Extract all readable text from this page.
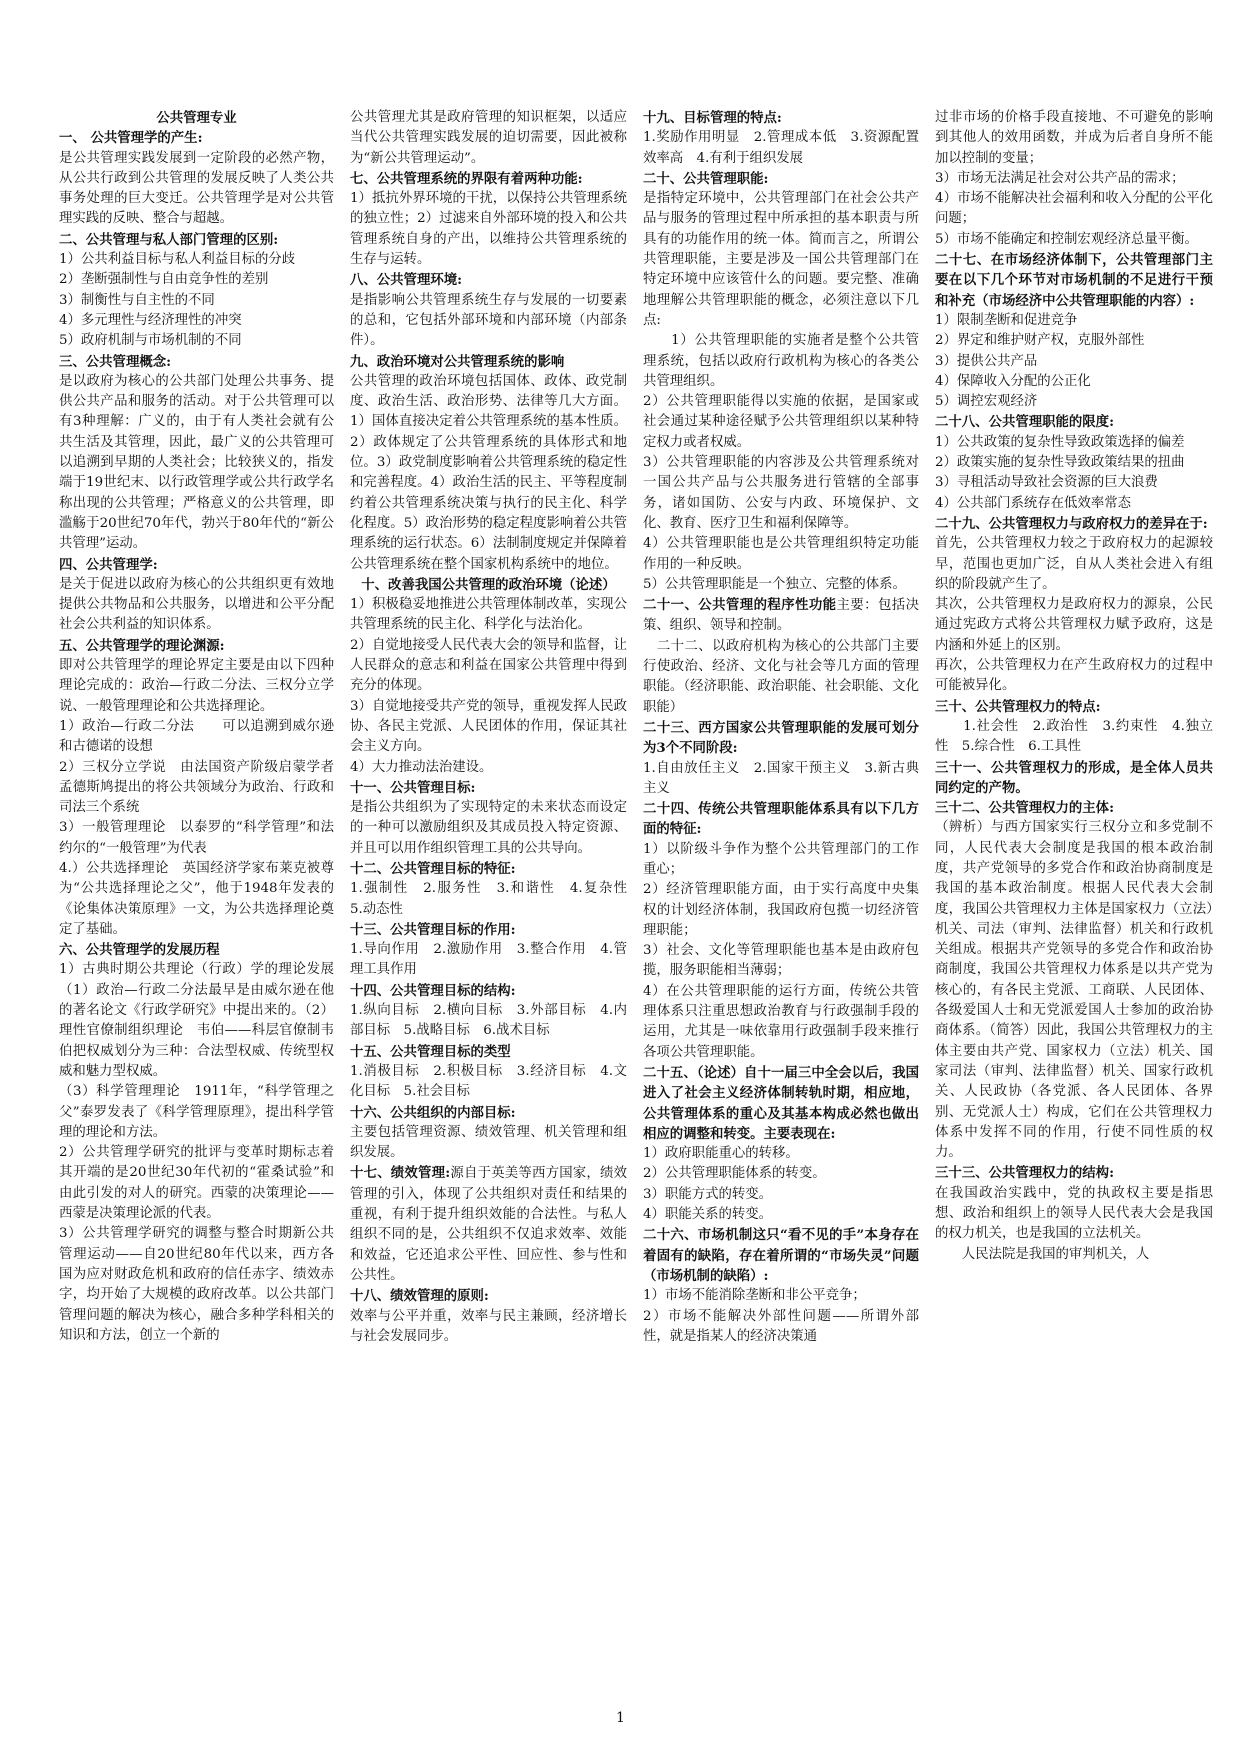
公共管理专业

一、 公共管理学的产生:

是公共管理实践发展到一定阶段的必然产物，从公共行政到公共管理的发展反映了人类公共事务处理的巨大变迁。公共管理学是对公共管理实践的反映、整合与超越。

二、公共管理与私人部门管理的区别:

1）公共利益目标与私人利益目标的分歧

2）垄断强制性与自由竞争性的差别

3）制衡性与自主性的不同

4）多元理性与经济理性的冲突

5）政府机制与市场机制的不同

三、公共管理概念:

是以政府为核心的公共部门处理公共事务、提供公共产品和服务的活动。对于公共管理可以有3种理解：广义的，由于有人类社会就有公共生活及其管理，因此，最广义的公共管理可以追溯到早期的人类社会；比较狭义的，指发端于19世纪末、以行政管理学或公共行政学名称出现的公共管理；严格意义的公共管理，即滥觞于20世纪70年代，勃兴于80年代的“新公共管理”运动。

四、公共管理学:

是关于促进以政府为核心的公共组织更有效地提供公共物品和公共服务，以增进和公平分配社会公共利益的知识体系。

五、公共管理学的理论渊源:

即对公共管理学的理论界定主要是由以下四种理论完成的：政治—行政二分法、三权分立学说、一般管理理论和公共选择理论。

1）政治—行政二分法　　可以追溯到威尔逊和古德诺的设想

2）三权分立学说　由法国资产阶级启蒙学者孟德斯鸠提出的将公共领域分为政治、行政和司法三个系统

3）一般管理理论　以泰罗的“科学管理”和法约尔的“一般管理”为代表

4.）公共选择理论　英国经济学家布莱克被尊为“公共选择理论之父”，他于1948年发表的《论集体决策原理》一文，为公共选择理论奠定了基础。

六、公共管理学的发展历程

1）古典时期公共理论（行政）学的理论发展（1）政治—行政二分法最早是由威尔逊在他的著名论文《行政学研究》中提出来的。（2）理性官僚制组织理论　韦伯——科层官僚制韦伯把权威划分为三种：合法型权威、传统型权威和魅力型权威。

（3）科学管理理论　1911年，“科学管理之父”泰罗发表了《科学管理原理》，提出科学管理的理论和方法。

2）公共管理学研究的批评与变革时期标志着其开端的是20世纪30年代初的“霍桑试验”和由此引发的对人的研究。西蒙的决策理论——西蒙是决策理论派的代表。

3）公共管理学研究的调整与整合时期新公共管理运动——自20世纪80年代以来，西方各国为应对财政危机和政府的信任赤字、绩效赤字，均开始了大规模的政府改革。以公共部门管理问题的解决为核心，融合多种学科相关的知识和方法，创立一个新的

公共管理尤其是政府管理的知识框架，以适应当代公共管理实践发展的迫切需要，因此被称为“新公共管理运动”。

七、公共管理系统的界限有着两种功能:

1）抵抗外界环境的干扰，以保持公共管理系统的独立性；2）过滤来自外部环境的投入和公共管理系统自身的产出，以维持公共管理系统的生存与运转。

八、公共管理环境:

是指影响公共管理系统生存与发展的一切要素的总和，它包括外部环境和内部环境（内部条件）。

九、政治环境对公共管理系统的影响

公共管理的政治环境包括国体、政体、政党制度、政治生活、政治形势、法律等几大方面。1）国体直接决定着公共管理系统的基本性质。2）政体规定了公共管理系统的具体形式和地位。3）政党制度影响着公共管理系统的稳定性和完善程度。4）政治生活的民主、平等程度制约着公共管理系统决策与执行的民主化、科学化程度。5）政治形势的稳定程度影响着公共管理系统的运行状态。6）法制制度规定并保障着公共管理系统在整个国家机构系统中的地位。

十、改善我国公共管理的政治环境（论述）

1）积极稳妥地推进公共管理体制改革，实现公共管理系统的民主化、科学化与法治化。

2）自觉地接受人民代表大会的领导和监督，让人民群众的意志和利益在国家公共管理中得到充分的体现。

3）自觉地接受共产党的领导，重视发挥人民政协、各民主党派、人民团体的作用，保证其社会主义方向。

4）大力推动法治建设。

十一、公共管理目标:

是指公共组织为了实现特定的未来状态而设定的一种可以激励组织及其成员投入特定资源、并且可以用作组织管理工具的公共导向。

十二、公共管理目标的特征:

1.强制性　2.服务性　3.和谐性　4.复杂性　5.动态性

十三、公共管理目标的作用:

1.导向作用　2.激励作用　3.整合作用　4.管理工具作用

十四、公共管理目标的结构:

1.纵向目标　2.横向目标　3.外部目标　4.内部目标　5.战略目标　6.战术目标

十五、公共管理目标的类型

1.消极目标　2.积极目标　3.经济目标　4.文化目标　5.社会目标

十六、公共组织的内部目标:

主要包括管理资源、绩效管理、机关管理和组织发展。

十七、绩效管理:源自于英美等西方国家，绩效管理的引入，体现了公共组织对责任和结果的重视，有利于提升组织效能的合法性。与私人组织不同的是，公共组织不仅追求效率、效能和效益，它还追求公平性、回应性、参与性和公共性。

十八、绩效管理的原则:

效率与公平并重，效率与民主兼顾，经济增长与社会发展同步。

十九、目标管理的特点:

1.奖励作用明显　2.管理成本低　3.资源配置效率高　4.有利于组织发展

二十、公共管理职能:

是指特定环境中，公共管理部门在社会公共产品与服务的管理过程中所承担的基本职责与所具有的功能作用的统一体。简而言之，所谓公共管理职能，主要是涉及一国公共管理部门在特定环境中应该管什么的问题。要完整、准确地理解公共管理职能的概念，必须注意以下几点:

　　1）公共管理职能的实施者是整个公共管理系统，包括以政府行政机构为核心的各类公共管理组织。

2）公共管理职能得以实施的依据，是国家或社会通过某种途径赋予公共管理组织以某种特定权力或者权威。

3）公共管理职能的内容涉及公共管理系统对一国公共产品与公共服务进行管辖的全部事务，诸如国防、公安与内政、环境保护、文化、教育、医疗卫生和福利保障等。

4）公共管理职能也是公共管理组织特定功能作用的一种反映。

5）公共管理职能是一个独立、完整的体系。

二十一、公共管理的程序性功能主要：包括决策、组织、领导和控制。

　二十二、以政府机构为核心的公共部门主要行使政治、经济、文化与社会等几方面的管理职能。（经济职能、政治职能、社会职能、文化职能）

二十三、西方国家公共管理职能的发展可划分为3个不同阶段:

1.自由放任主义　2.国家干预主义　3.新古典主义

二十四、传统公共管理职能体系具有以下几方面的特征:

1）以阶级斗争作为整个公共管理部门的工作重心；

2）经济管理职能方面，由于实行高度中央集权的计划经济体制，我国政府包揽一切经济管理职能；

3）社会、文化等管理职能也基本是由政府包揽，服务职能相当薄弱；

4）在公共管理职能的运行方面，传统公共管理体系只注重思想政治教育与行政强制手段的运用，尤其是一味依靠用行政强制手段来推行各项公共管理职能。

二十五、（论述）自十一届三中全会以后，我国进入了社会主义经济体制转轨时期，相应地，公共管理体系的重心及其基本构成必然也做出相应的调整和转变。主要表现在:

1）政府职能重心的转移。

2）公共管理职能体系的转变。

3）职能方式的转变。

4）职能关系的转变。

二十六、市场机制这只“看不见的手”本身存在着固有的缺陷，存在着所谓的“市场失灵”问题（市场机制的缺陷）:

1）市场不能消除垄断和非公平竞争；

2）市场不能解决外部性问题——所谓外部性，就是指某人的经济决策通

过非市场的价格手段直接地、不可避免的影响到其他人的效用函数，并成为后者自身所不能加以控制的变量；

3）市场无法满足社会对公共产品的需求；

4）市场不能解决社会福利和收入分配的公平化问题；

5）市场不能确定和控制宏观经济总量平衡。

二十七、在市场经济体制下，公共管理部门主要在以下几个环节对市场机制的不足进行干预和补充（市场经济中公共管理职能的内容）:

1）限制垄断和促进竞争

2）界定和维护财产权，克服外部性

3）提供公共产品

4）保障收入分配的公正化

5）调控宏观经济

二十八、公共管理职能的限度:

1）公共政策的复杂性导致政策选择的偏差

2）政策实施的复杂性导致政策结果的扭曲

3）寻租活动导致社会资源的巨大浪费

4）公共部门系统存在低效率常态

二十九、公共管理权力与政府权力的差异在于:

首先，公共管理权力较之于政府权力的起源较早，范围也更加广泛，自从人类社会进入有组织的阶段就产生了。

其次，公共管理权力是政府权力的源泉，公民通过宪政方式将公共管理权力赋予政府，这是内涵和外延上的区别。

再次，公共管理权力在产生政府权力的过程中可能被异化。

三十、公共管理权力的特点:

　　1.社会性　2.政治性　3.约束性　4.独立性　5.综合性　6.工具性

三十一、公共管理权力的形成，是全体人员共同约定的产物。

三十二、公共管理权力的主体:

（辨析）与西方国家实行三权分立和多党制不同，人民代表大会制度是我国的根本政治制度，共产党领导的多党合作和政治协商制度是我国的基本政治制度。根据人民代表大会制度，我国公共管理权力主体是国家权力（立法）机关、司法（审判、法律监督）机关和行政机关组成。根据共产党领导的多党合作和政治协商制度，我国公共管理权力体系是以共产党为核心的，有各民主党派、工商联、人民团体、各级爱国人士和无党派爱国人士参加的政治协商体系。（简答）因此，我国公共管理权力的主体主要由共产党、国家权力（立法）机关、国家司法（审判、法律监督）机关、国家行政机关、人民政协（各党派、各人民团体、各界别、无党派人士）构成，它们在公共管理权力体系中发挥不同的作用，行使不同性质的权力。

三十三、公共管理权力的结构:

在我国政治实践中，党的执政权主要是指思想、政治和组织上的领导人民代表大会是我国的权力机关，也是我国的立法机关。

　　人民法院是我国的审判机关，人

1
